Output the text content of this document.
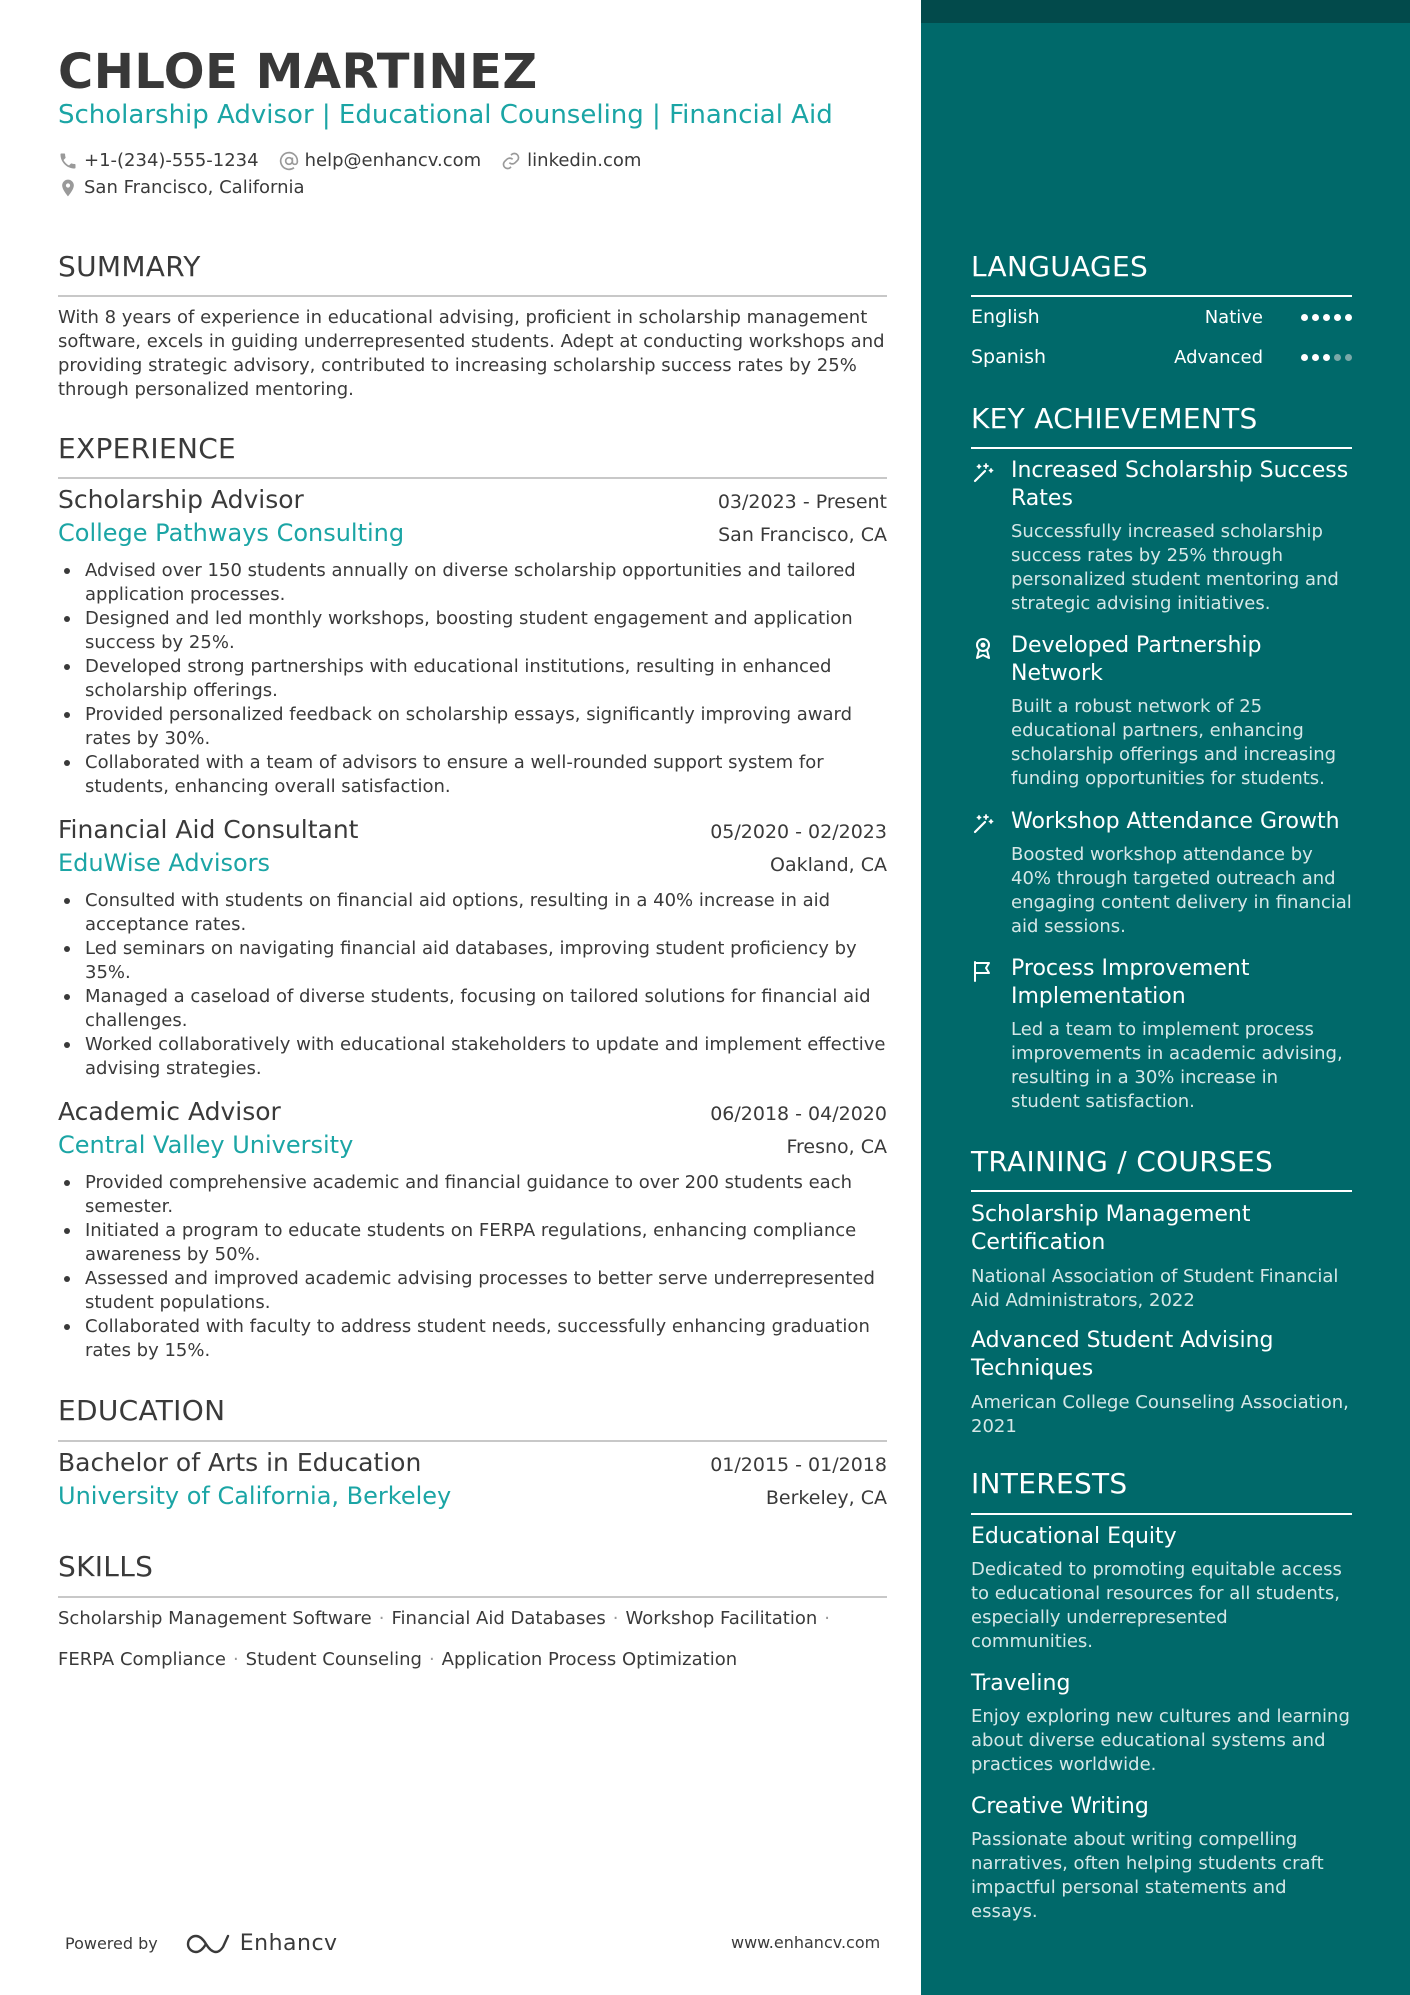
CHLOE MARTINEZ
Scholarship Advisor | Educational Counseling | Financial Aid
+1-(234)-555-1234	help@enhancv.com	linkedin.com
San Francisco, California
SUMMARY
With 8 years of experience in educational advising, proficient in scholarship management software, excels in guiding underrepresented students. Adept at conducting workshops and providing strategic advisory, contributed to increasing scholarship success rates by 25% through personalized mentoring.
EXPERIENCE
Scholarship Advisor	03/2023 - Present
College Pathways Consulting	San Francisco, CA
Advised over 150 students annually on diverse scholarship opportunities and tailored application processes.
Designed and led monthly workshops, boosting student engagement and application success by 25%.
Developed strong partnerships with educational institutions, resulting in enhanced scholarship offerings.
Provided personalized feedback on scholarship essays, significantly improving award rates by 30%.
Collaborated with a team of advisors to ensure a well-rounded support system for students, enhancing overall satisfaction.
Financial Aid Consultant	05/2020 - 02/2023
EduWise Advisors	Oakland, CA
Consulted with students on financial aid options, resulting in a 40% increase in aid acceptance rates.
Led seminars on navigating financial aid databases, improving student proficiency by 35%.
Managed a caseload of diverse students, focusing on tailored solutions for financial aid challenges.
Worked collaboratively with educational stakeholders to update and implement effective advising strategies.
Academic Advisor	06/2018 - 04/2020
Central Valley University	Fresno, CA
Provided comprehensive academic and financial guidance to over 200 students each semester.
Initiated a program to educate students on FERPA regulations, enhancing compliance awareness by 50%.
Assessed and improved academic advising processes to better serve underrepresented student populations.
Collaborated with faculty to address student needs, successfully enhancing graduation rates by 15%.
EDUCATION
Bachelor of Arts in Education	01/2015 - 01/2018
University of California, Berkeley	Berkeley, CA
SKILLS
Scholarship Management Software · Financial Aid Databases · Workshop Facilitation ·
FERPA Compliance · Student Counseling · Application Process Optimization
Powered by	Enhancv	www.enhancv.com
LANGUAGES
English	Native
Spanish	Advanced
KEY ACHIEVEMENTS
Increased Scholarship Success Rates
Successfully increased scholarship success rates by 25% through personalized student mentoring and strategic advising initiatives.
Developed Partnership Network
Built a robust network of 25 educational partners, enhancing scholarship offerings and increasing funding opportunities for students.
Workshop Attendance Growth
Boosted workshop attendance by 40% through targeted outreach and engaging content delivery in financial aid sessions.
Process Improvement Implementation
Led a team to implement process improvements in academic advising, resulting in a 30% increase in student satisfaction.
TRAINING / COURSES
Scholarship Management Certification
National Association of Student Financial Aid Administrators, 2022
Advanced Student Advising Techniques
American College Counseling Association, 2021
INTERESTS
Educational Equity
Dedicated to promoting equitable access to educational resources for all students, especially underrepresented communities.
Traveling
Enjoy exploring new cultures and learning about diverse educational systems and practices worldwide.
Creative Writing
Passionate about writing compelling narratives, often helping students craft impactful personal statements and essays.
